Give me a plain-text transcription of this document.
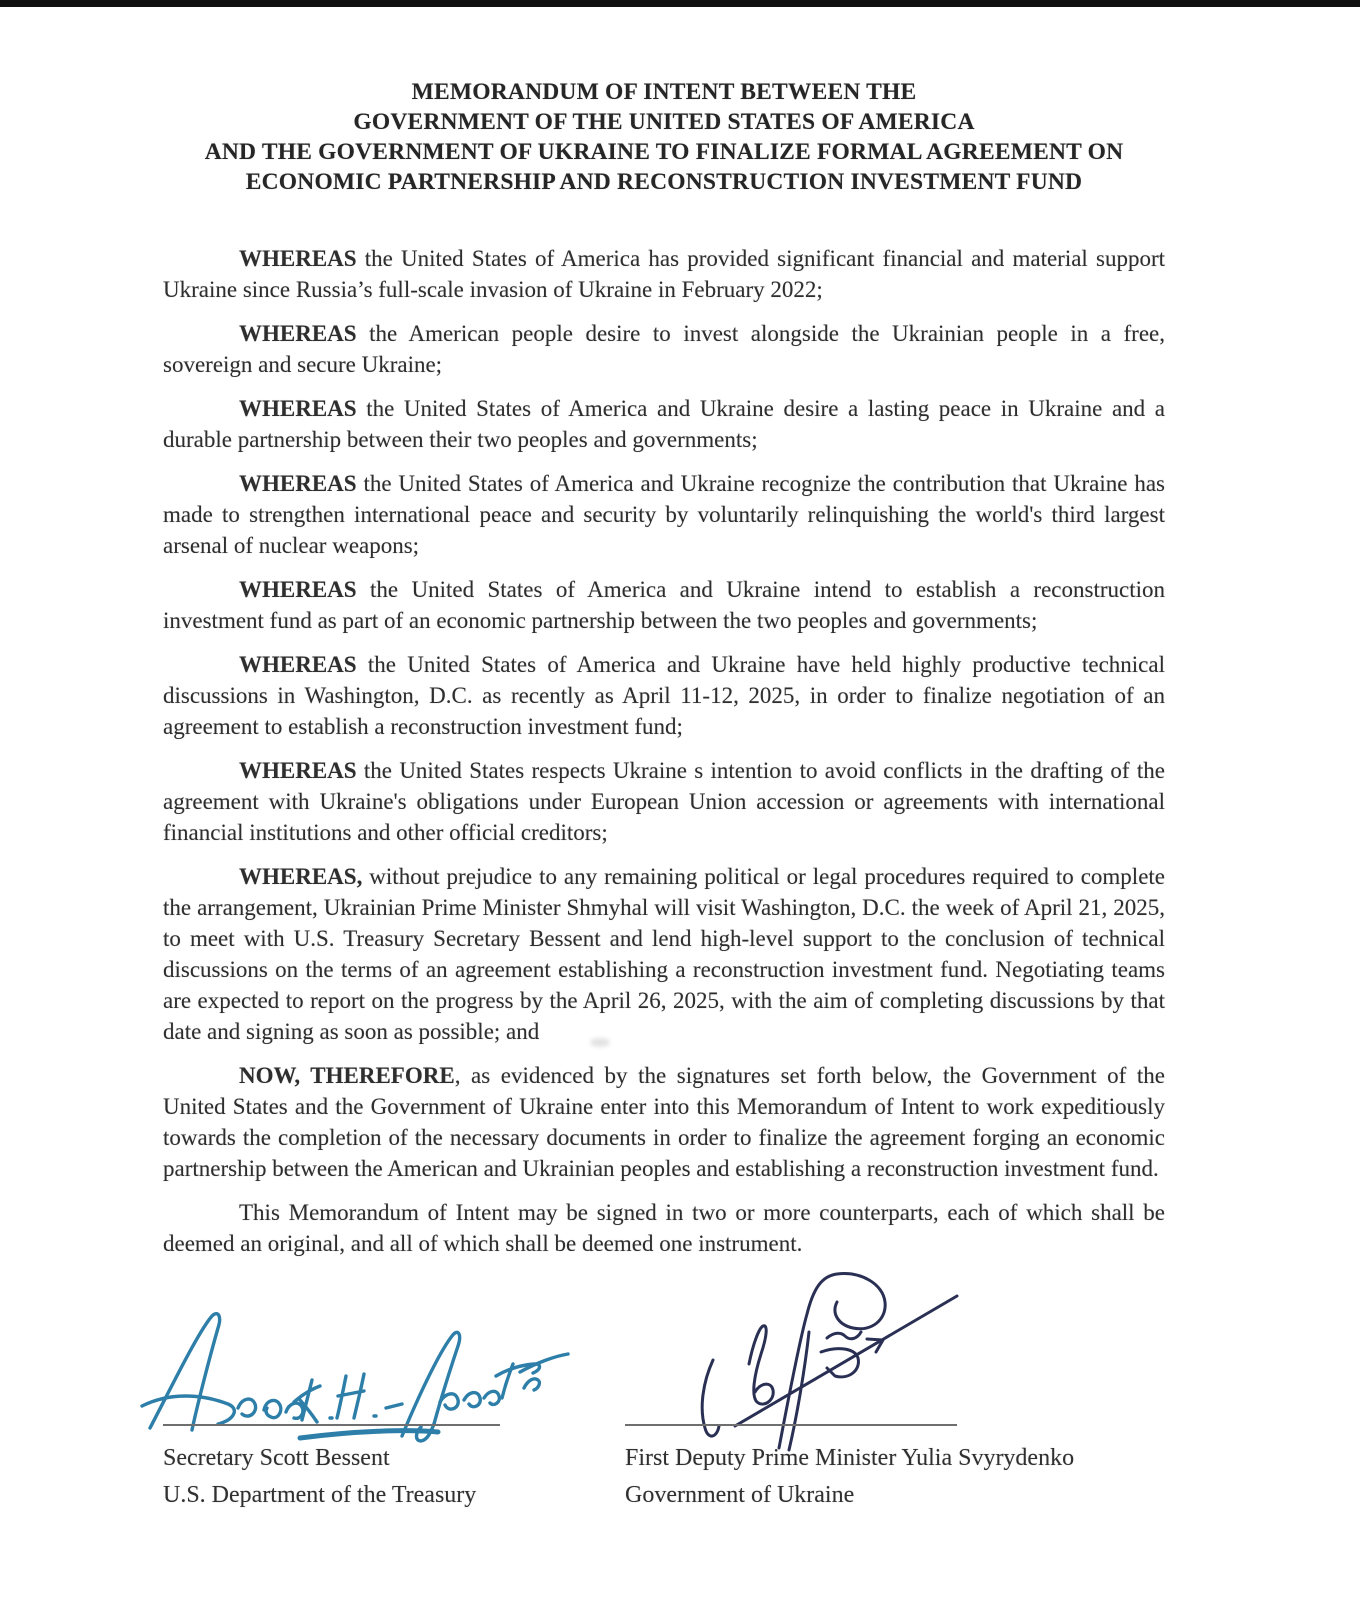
MEMORANDUM OF INTENT BETWEEN THE
GOVERNMENT OF THE UNITED STATES OF AMERICA
AND THE GOVERNMENT OF UKRAINE TO FINALIZE FORMAL AGREEMENT ON
ECONOMIC PARTNERSHIP AND RECONSTRUCTION INVESTMENT FUND

WHEREAS the United States of America has provided significant financial and material support Ukraine since Russia’s full-scale invasion of Ukraine in February 2022;

WHEREAS the American people desire to invest alongside the Ukrainian people in a free, sovereign and secure Ukraine;

WHEREAS the United States of America and Ukraine desire a lasting peace in Ukraine and a durable partnership between their two peoples and governments;

WHEREAS the United States of America and Ukraine recognize the contribution that Ukraine has made to strengthen international peace and security by voluntarily relinquishing the world's third largest arsenal of nuclear weapons;

WHEREAS the United States of America and Ukraine intend to establish a reconstruction investment fund as part of an economic partnership between the two peoples and governments;

WHEREAS the United States of America and Ukraine have held highly productive technical discussions in Washington, D.C. as recently as April 11-12, 2025, in order to finalize negotiation of an agreement to establish a reconstruction investment fund;

WHEREAS the United States respects Ukraine s intention to avoid conflicts in the drafting of the agreement with Ukraine's obligations under European Union accession or agreements with international financial institutions and other official creditors;

WHEREAS, without prejudice to any remaining political or legal procedures required to complete the arrangement, Ukrainian Prime Minister Shmyhal will visit Washington, D.C. the week of April 21, 2025, to meet with U.S. Treasury Secretary Bessent and lend high-level support to the conclusion of technical discussions on the terms of an agreement establishing a reconstruction investment fund. Negotiating teams are expected to report on the progress by the April 26, 2025, with the aim of completing discussions by that date and signing as soon as possible; and

NOW, THEREFORE, as evidenced by the signatures set forth below, the Government of the United States and the Government of Ukraine enter into this Memorandum of Intent to work expeditiously towards the completion of the necessary documents in order to finalize the agreement forging an economic partnership between the American and Ukrainian peoples and establishing a reconstruction investment fund.

This Memorandum of Intent may be signed in two or more counterparts, each of which shall be deemed an original, and all of which shall be deemed one instrument.

Secretary Scott Bessent
U.S. Department of the Treasury
First Deputy Prime Minister Yulia Svyrydenko
Government of Ukraine
